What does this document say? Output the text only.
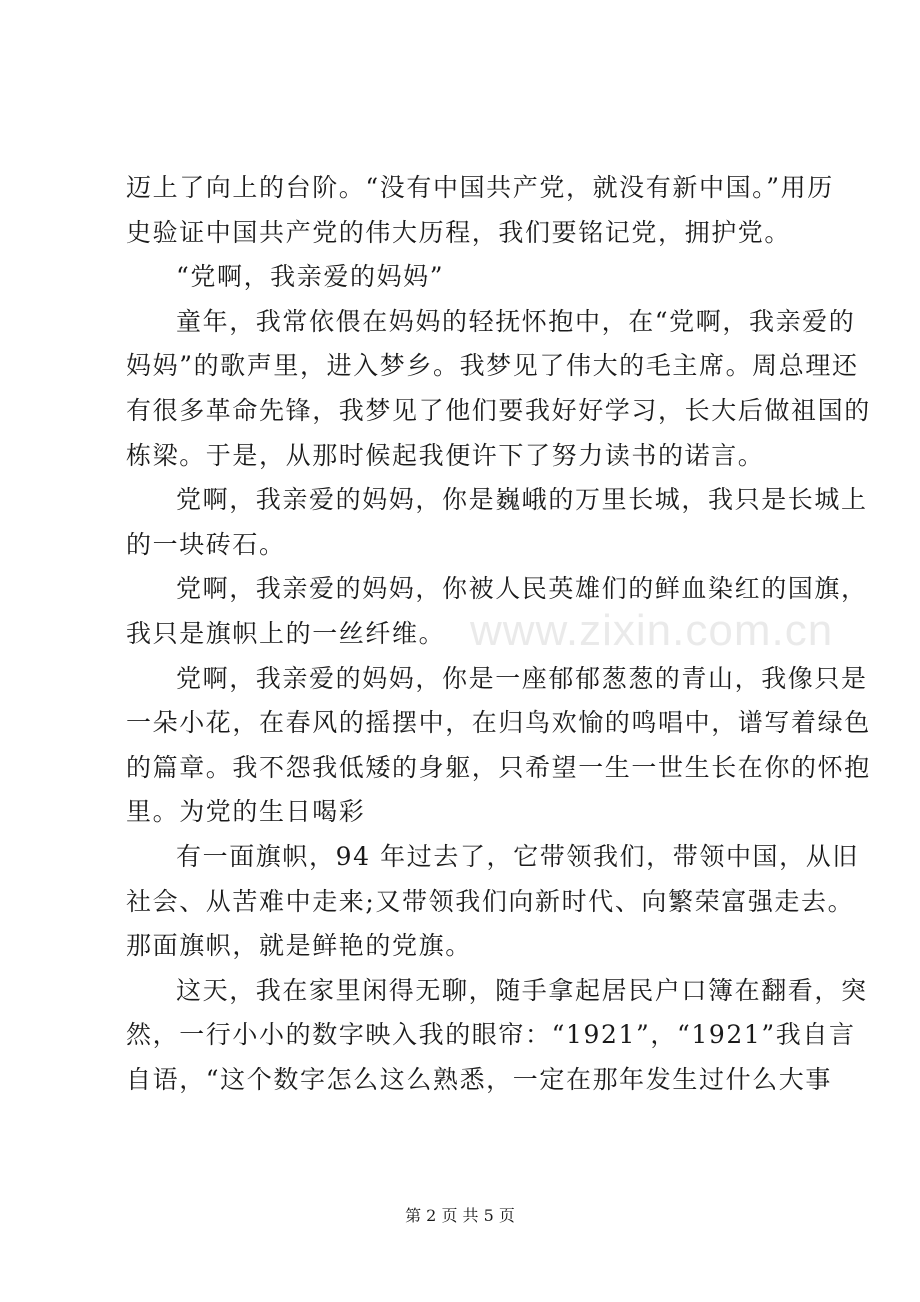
迈上了向上的台阶。“没有中国共产党，就没有新中国。”用历
史验证中国共产党的伟大历程，我们要铭记党，拥护党。
“党啊，我亲爱的妈妈”
童年，我常依偎在妈妈的轻抚怀抱中，在“党啊，我亲爱的
妈妈”的歌声里，进入梦乡。我梦见了伟大的毛主席。周总理还
有很多革命先锋，我梦见了他们要我好好学习，长大后做祖国的
栋梁。于是，从那时候起我便许下了努力读书的诺言。
党啊，我亲爱的妈妈，你是巍峨的万里长城，我只是长城上
的一块砖石。
党啊，我亲爱的妈妈，你被人民英雄们的鲜血染红的国旗，
我只是旗帜上的一丝纤维。
党啊，我亲爱的妈妈，你是一座郁郁葱葱的青山，我像只是
一朵小花，在春风的摇摆中，在归鸟欢愉的鸣唱中，谱写着绿色
的篇章。我不怨我低矮的身躯，只希望一生一世生长在你的怀抱
里。为党的生日喝彩
有一面旗帜，94 年过去了，它带领我们，带领中国，从旧
社会、从苦难中走来;又带领我们向新时代、向繁荣富强走去。
那面旗帜，就是鲜艳的党旗。
这天，我在家里闲得无聊，随手拿起居民户口簿在翻看，突
然，一行小小的数字映入我的眼帘：“1921”，“1921”我自言
自语，“这个数字怎么这么熟悉，一定在那年发生过什么大事
www.zixin.com.cn
第 2 页 共 5 页
